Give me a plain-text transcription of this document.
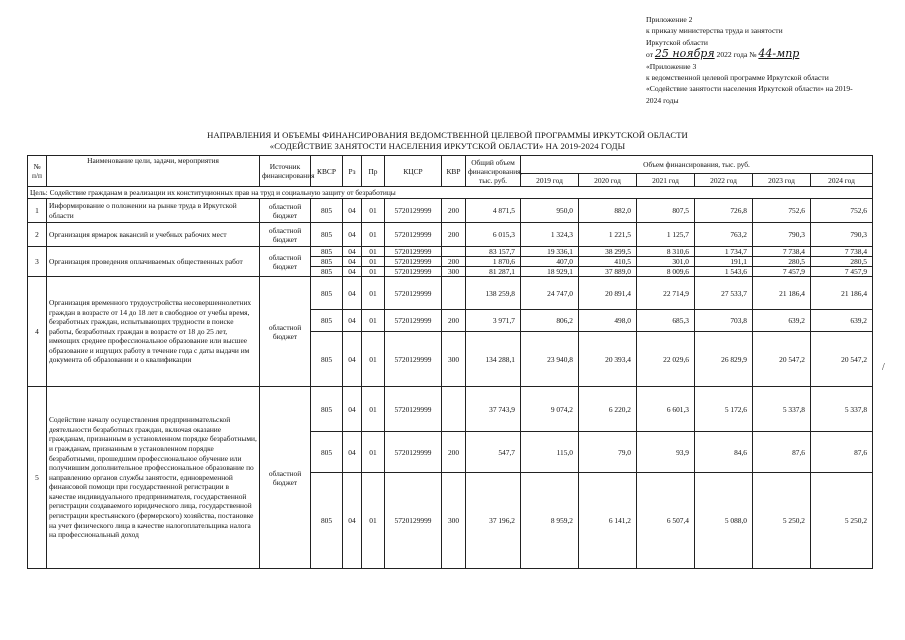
Приложение 2
к приказу министерства труда и занятости
Иркутской области
от 25 ноября 2022 года № 44-мпр
«Приложение 3
к ведомственной целевой программе Иркутской области
«Содействие занятости населения Иркутской области» на 2019-
2024 годы
НАПРАВЛЕНИЯ И ОБЪЕМЫ ФИНАНСИРОВАНИЯ ВЕДОМСТВЕННОЙ ЦЕЛЕВОЙ ПРОГРАММЫ ИРКУТСКОЙ ОБЛАСТИ
«СОДЕЙСТВИЕ ЗАНЯТОСТИ НАСЕЛЕНИЯ ИРКУТСКОЙ ОБЛАСТИ» НА 2019-2024 ГОДЫ
№ п/п	Наименование цели, задачи, мероприятия	Источник финансирования	КВСР	Рз	Пр	КЦСР	КВР	Общий объем финансирования, тыс. руб.	Объем финансирования, тыс. руб.					
									2019 год	2020 год	2021 год	2022 год	2023 год	2024 год
Цель: Содействие гражданам в реализации их конституционных прав на труд и социальную защиту от безработицы														
1	Информирование о положении на рынке труда в Иркутской области	областной бюджет	805	04	01	5720129999	200	4 871,5	950,0	882,0	807,5	726,8	752,6	752,6
2	Организация ярмарок вакансий и учебных рабочих мест	областной бюджет	805	04	01	5720129999	200	6 015,3	1 324,3	1 221,5	1 125,7	763,2	790,3	790,3
3	Организация проведения оплачиваемых общественных работ	областной бюджет	805	04	01	5720129999		83 157,7	19 336,1	38 299,5	8 310,6	1 734,7	7 738,4	7 738,4
			805	04	01	5720129999	200	1 870,6	407,0	410,5	301,0	191,1	280,5	280,5
			805	04	01	5720129999	300	81 287,1	18 929,1	37 889,0	8 009,6	1 543,6	7 457,9	7 457,9
4	Организация временного трудоустройства несовершеннолетних граждан в возрасте от 14 до 18 лет в свободное от учебы время, безработных граждан, испытывающих трудности в поиске работы, безработных граждан в возрасте от 18 до 25 лет, имеющих среднее профессиональное образование или высшее образование и ищущих работу в течение года с даты выдачи им документа об образовании и о квалификации	областной бюджет	805	04	01	5720129999		138 259,8	24 747,0	20 891,4	22 714,9	27 533,7	21 186,4	21 186,4
			805	04	01	5720129999	200	3 971,7	806,2	498,0	685,3	703,8	639,2	639,2
			805	04	01	5720129999	300	134 288,1	23 940,8	20 393,4	22 029,6	26 829,9	20 547,2	20 547,2
5	Содействие началу осуществления предпринимательской деятельности безработных граждан, включая оказание гражданам, признанным в установленном порядке безработными, и гражданам, признанным в установленном порядке безработными, прошедшим профессиональное обучение или получившим дополнительное профессиональное образование по направлению органов службы занятости, единовременной финансовой помощи при государственной регистрации в качестве индивидуального предпринимателя, государственной регистрации создаваемого юридического лица, государственной регистрации крестьянского (фермерского) хозяйства, постановке на учет физического лица в качестве налогоплательщика налога на профессиональный доход	областной бюджет	805	04	01	5720129999		37 743,9	9 074,2	6 220,2	6 601,3	5 172,6	5 337,8	5 337,8
			805	04	01	5720129999	200	547,7	115,0	79,0	93,9	84,6	87,6	87,6
			805	04	01	5720129999	300	37 196,2	8 959,2	6 141,2	6 507,4	5 088,0	5 250,2	5 250,2
/
